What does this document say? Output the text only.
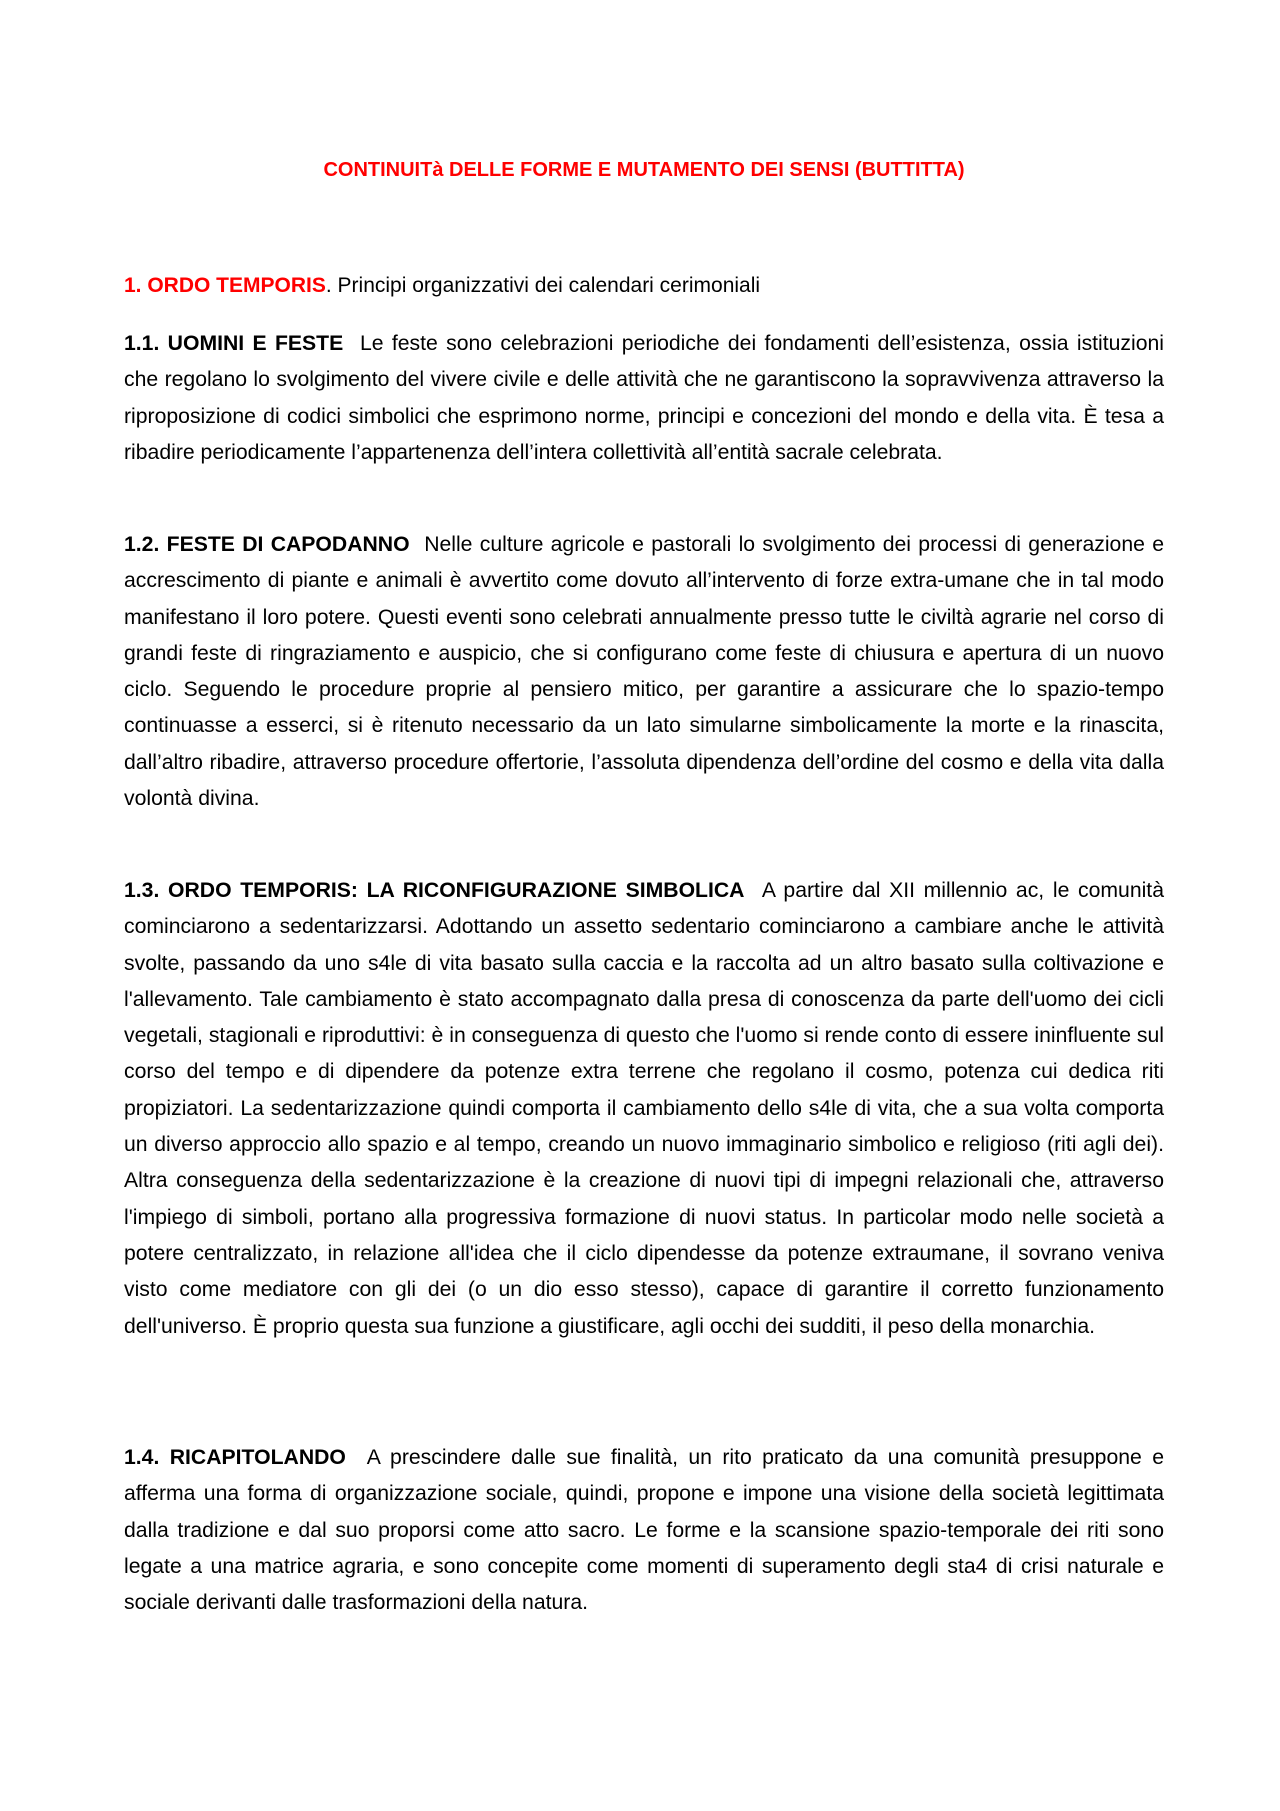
CONTINUITà DELLE FORME E MUTAMENTO DEI SENSI (BUTTITTA)

1. ORDO TEMPORIS. Principi organizzativi dei calendari cerimoniali

1.1. UOMINI E FESTE Le feste sono celebrazioni periodiche dei fondamenti dell’esistenza, ossia istituzioni che regolano lo svolgimento del vivere civile e delle attività che ne garantiscono la sopravvivenza attraverso la riproposizione di codici simbolici che esprimono norme, principi e concezioni del mondo e della vita. È tesa a ribadire periodicamente l’appartenenza dell’intera collettività all’entità sacrale celebrata.

1.2. FESTE DI CAPODANNO Nelle culture agricole e pastorali lo svolgimento dei processi di generazione e accrescimento di piante e animali è avvertito come dovuto all’intervento di forze extra-umane che in tal modo manifestano il loro potere. Questi eventi sono celebrati annualmente presso tutte le civiltà agrarie nel corso di grandi feste di ringraziamento e auspicio, che si configurano come feste di chiusura e apertura di un nuovo ciclo. Seguendo le procedure proprie al pensiero mitico, per garantire a assicurare che lo spazio-tempo continuasse a esserci, si è ritenuto necessario da un lato simularne simbolicamente la morte e la rinascita, dall’altro ribadire, attraverso procedure offertorie, l’assoluta dipendenza dell’ordine del cosmo e della vita dalla volontà divina.

1.3. ORDO TEMPORIS: LA RICONFIGURAZIONE SIMBOLICA A partire dal XII millennio ac, le comunità cominciarono a sedentarizzarsi. Adottando un assetto sedentario cominciarono a cambiare anche le attività svolte, passando da uno s4le di vita basato sulla caccia e la raccolta ad un altro basato sulla coltivazione e l'allevamento. Tale cambiamento è stato accompagnato dalla presa di conoscenza da parte dell'uomo dei cicli vegetali, stagionali e riproduttivi: è in conseguenza di questo che l'uomo si rende conto di essere ininfluente sul corso del tempo e di dipendere da potenze extra terrene che regolano il cosmo, potenza cui dedica riti propiziatori. La sedentarizzazione quindi comporta il cambiamento dello s4le di vita, che a sua volta comporta un diverso approccio allo spazio e al tempo, creando un nuovo immaginario simbolico e religioso (riti agli dei). Altra conseguenza della sedentarizzazione è la creazione di nuovi tipi di impegni relazionali che, attraverso l'impiego di simboli, portano alla progressiva formazione di nuovi status. In particolar modo nelle società a potere centralizzato, in relazione all'idea che il ciclo dipendesse da potenze extraumane, il sovrano veniva visto come mediatore con gli dei (o un dio esso stesso), capace di garantire il corretto funzionamento dell'universo. È proprio questa sua funzione a giustificare, agli occhi dei sudditi, il peso della monarchia.

1.4. RICAPITOLANDO A prescindere dalle sue finalità, un rito praticato da una comunità presuppone e afferma una forma di organizzazione sociale, quindi, propone e impone una visione della società legittimata dalla tradizione e dal suo proporsi come atto sacro. Le forme e la scansione spazio-temporale dei riti sono legate a una matrice agraria, e sono concepite come momenti di superamento degli sta4 di crisi naturale e sociale derivanti dalle trasformazioni della natura.
